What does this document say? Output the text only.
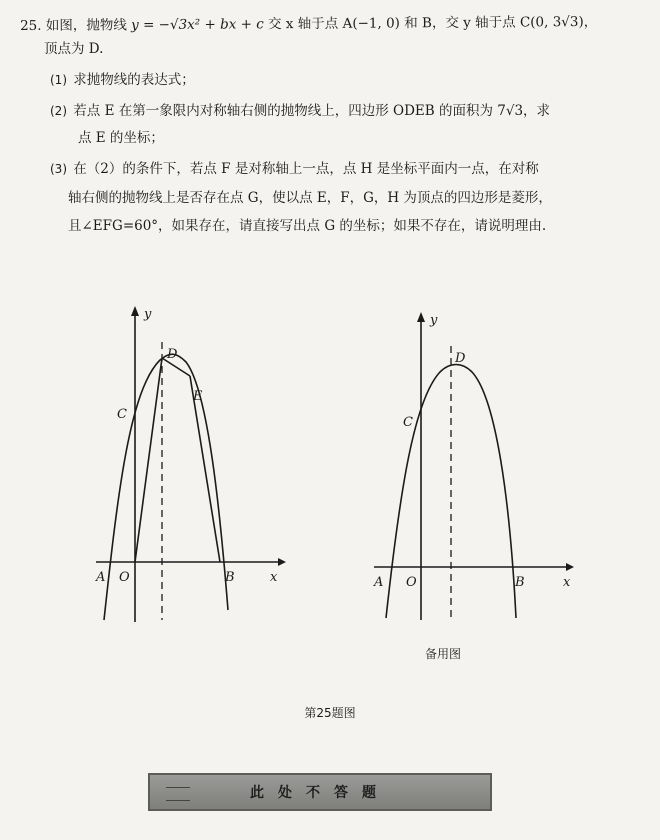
25. 如图，抛物线 y = −√3x² + bx + c 交 x 轴于点 A(−1, 0) 和 B，交 y 轴于点 C(0, 3√3)，

顶点为 D.

(1) 求抛物线的表达式；

(2) 若点 E 在第一象限内对称轴右侧的抛物线上，四边形 ODEB 的面积为 7√3，求

点 E 的坐标；

(3) 在（2）的条件下，若点 F 是对称轴上一点，点 H 是坐标平面内一点，在对称

轴右侧的抛物线上是否存在点 G，使以点 E，F，G，H 为顶点的四边形是菱形，

且∠EFG=60°，如果存在，请直接写出点 G 的坐标；如果不存在，请说明理由.

y
x
A O	B
C
D
E
y
x
A O	B
C
D
备用图
第25题图
此处不答题
